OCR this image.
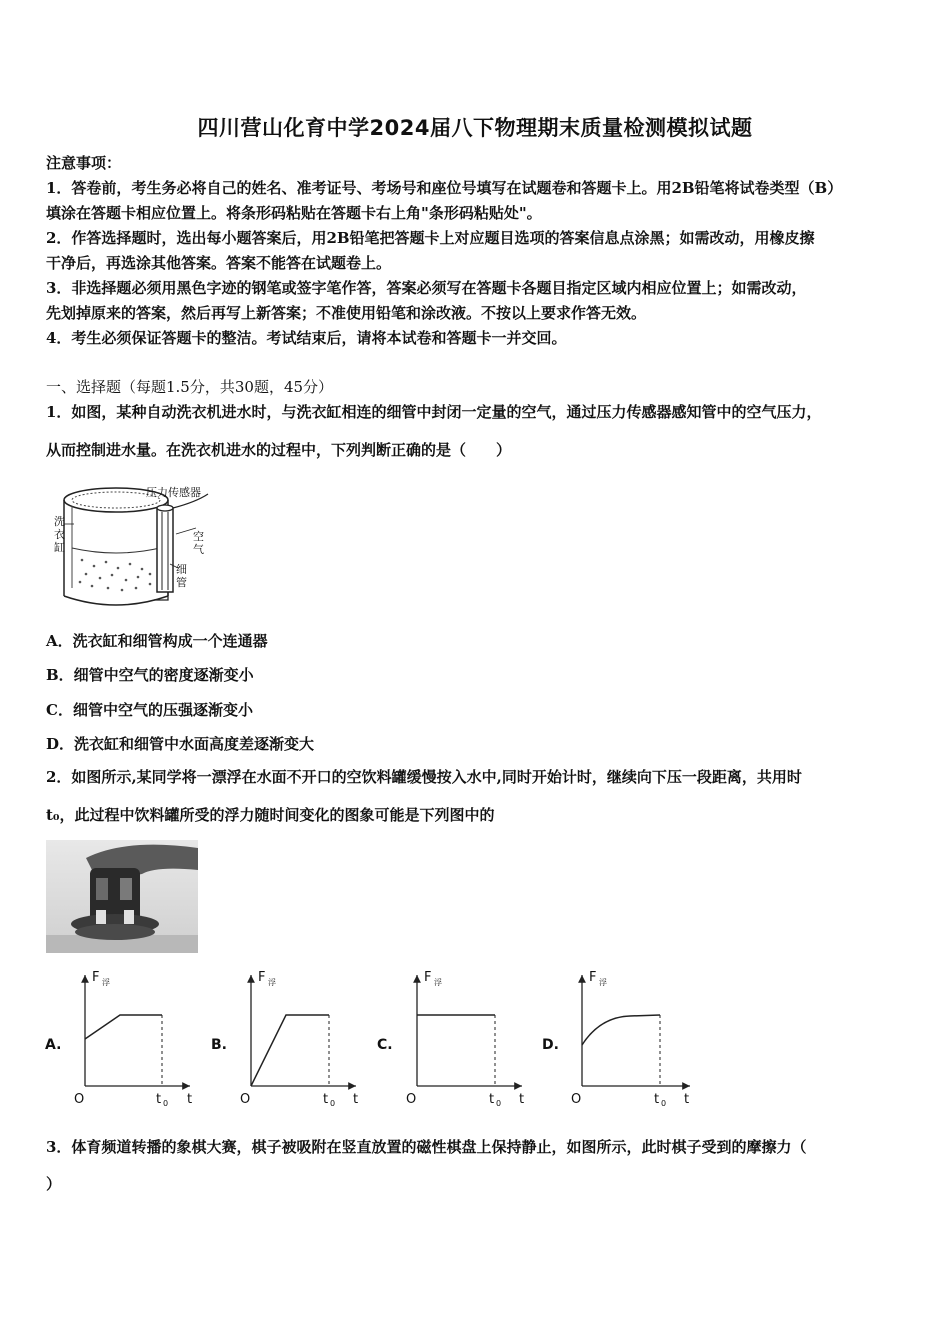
四川营山化育中学2024届八下物理期末质量检测模拟试题
注意事项：
1．答卷前，考生务必将自己的姓名、准考证号、考场号和座位号填写在试题卷和答题卡上。用2B铅笔将试卷类型（B）
填涂在答题卡相应位置上。将条形码粘贴在答题卡右上角"条形码粘贴处"。
2．作答选择题时，选出每小题答案后，用2B铅笔把答题卡上对应题目选项的答案信息点涂黑；如需改动，用橡皮擦
干净后，再选涂其他答案。答案不能答在试题卷上。
3．非选择题必须用黑色字迹的钢笔或签字笔作答，答案必须写在答题卡各题目指定区域内相应位置上；如需改动，
先划掉原来的答案，然后再写上新答案；不准使用铅笔和涂改液。不按以上要求作答无效。
4．考生必须保证答题卡的整洁。考试结束后，请将本试卷和答题卡一并交回。
一、选择题（每题1.5分，共30题，45分）
1．如图，某种自动洗衣机进水时，与洗衣缸相连的细管中封闭一定量的空气，通过压力传感器感知管中的空气压力，
从而控制进水量。在洗衣机进水的过程中，下列判断正确的是（　　）
压力传感器
洗衣缸
空气
细管
A．洗衣缸和细管构成一个连通器
B．细管中空气的密度逐渐变小
C．细管中空气的压强逐渐变小
D．洗衣缸和细管中水面高度差逐渐变大
2．如图所示,某同学将一漂浮在水面不开口的空饮料罐缓慢按入水中,同时开始计时，继续向下压一段距离，共用时
t₀，此过程中饮料罐所受的浮力随时间变化的图象可能是下列图中的
A.	B.	C.	D.
F 浮	F 浮	F 浮	F 浮
O	O	O	O
t 0	t 0	t 0	t 0
t	t	t	t
3．体育频道转播的象棋大赛，棋子被吸附在竖直放置的磁性棋盘上保持静止，如图所示，此时棋子受到的摩擦力（
）
